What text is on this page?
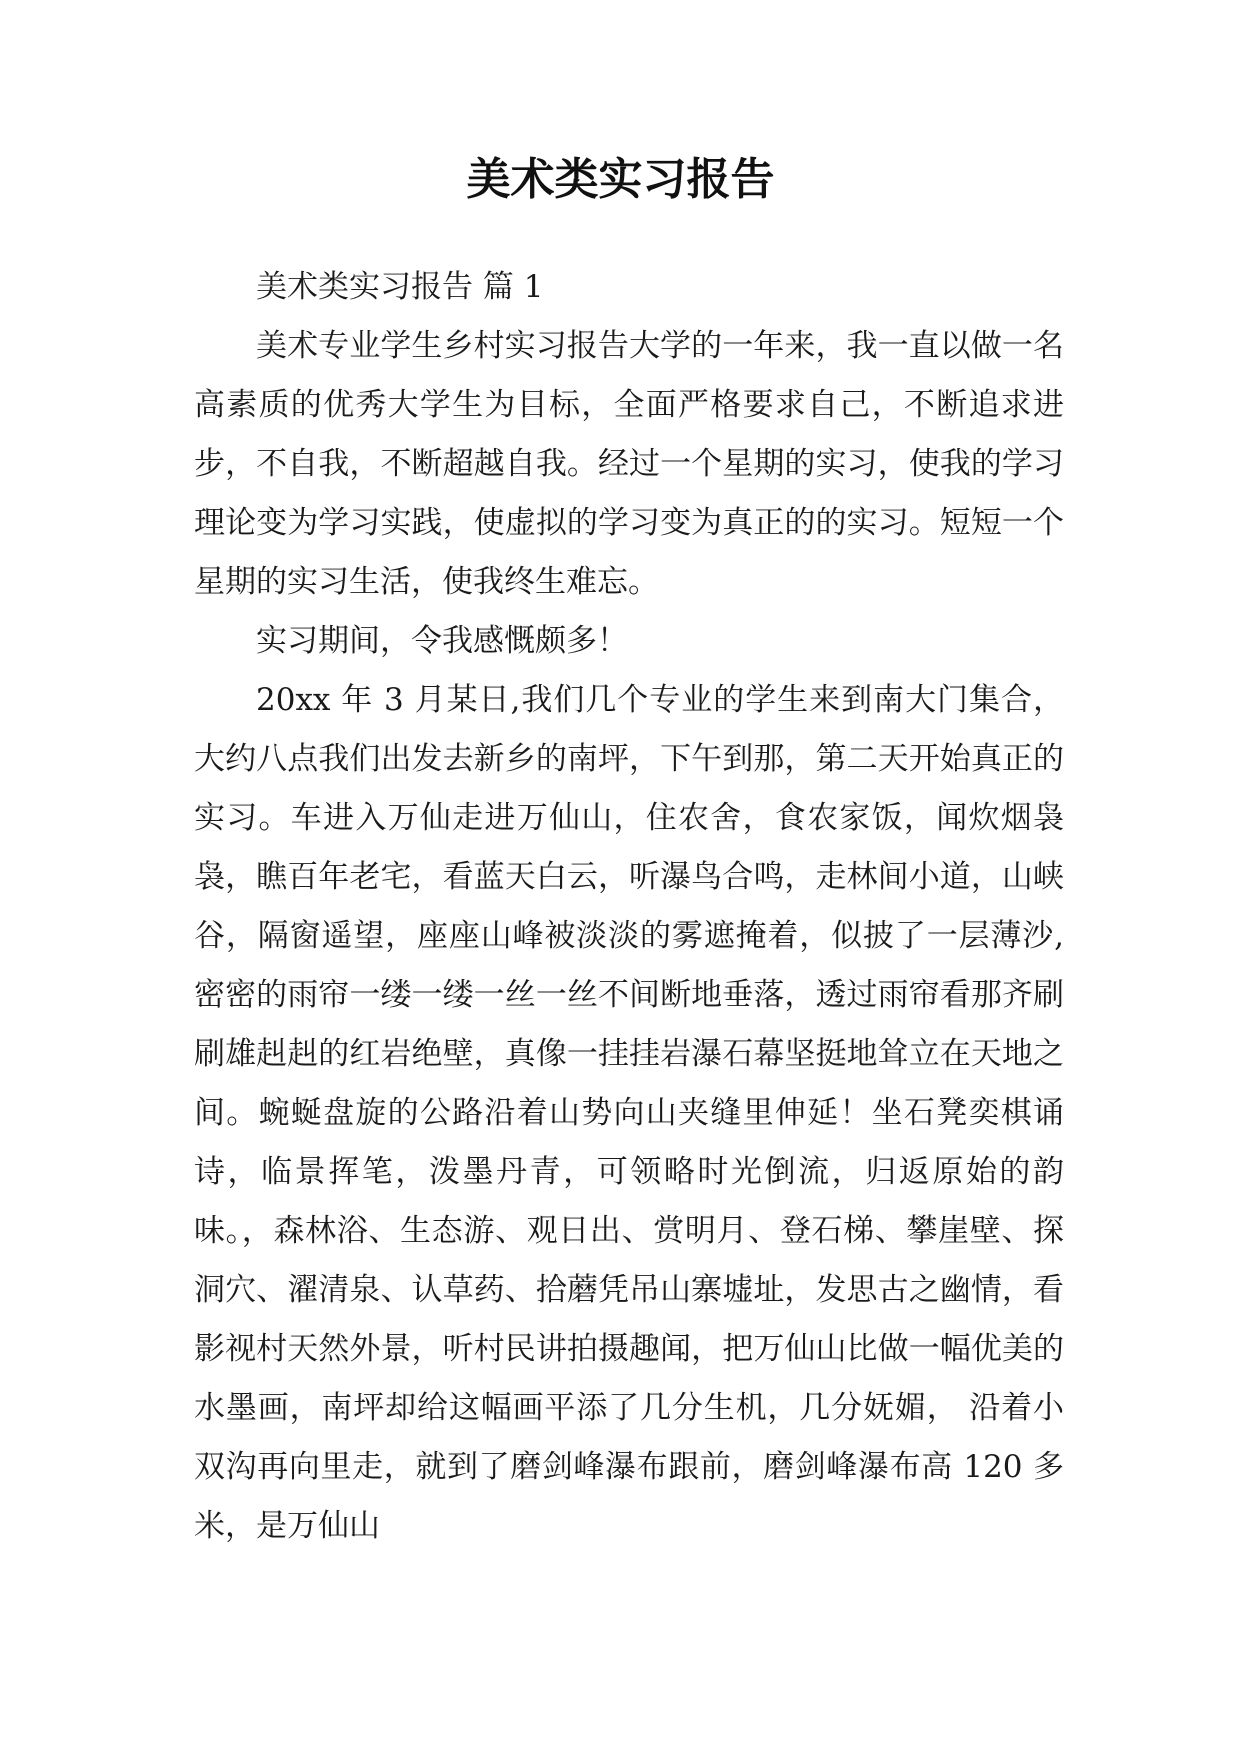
美术类实习报告

美术类实习报告 篇 1

美术专业学生乡村实习报告大学的一年来，我一直以做一名高素质的优秀大学生为目标，全面严格要求自己，不断追求进步，不自我，不断超越自我。经过一个星期的实习，使我的学习理论变为学习实践，使虚拟的学习变为真正的的实习。短短一个星期的实习生活，使我终生难忘。

实习期间，令我感慨颇多！

20xx 年 3 月某日,我们几个专业的学生来到南大门集合，大约八点我们出发去新乡的南坪，下午到那，第二天开始真正的实习。车进入万仙走进万仙山，住农舍，食农家饭，闻炊烟袅袅，瞧百年老宅，看蓝天白云，听瀑鸟合鸣，走林间小道，山峡谷，隔窗遥望，座座山峰被淡淡的雾遮掩着，似披了一层薄沙,密密的雨帘一缕一缕一丝一丝不间断地垂落，透过雨帘看那齐刷刷雄赳赳的红岩绝壁，真像一挂挂岩瀑石幕坚挺地耸立在天地之间。蜿蜒盘旋的公路沿着山势向山夹缝里伸延！坐石凳奕棋诵诗，临景挥笔，泼墨丹青，可领略时光倒流，归返原始的韵味。，森林浴、生态游、观日出、赏明月、登石梯、攀崖壁、探洞穴、濯清泉、认草药、拾蘑凭吊山寨墟址，发思古之幽情，看影视村天然外景，听村民讲拍摄趣闻，把万仙山比做一幅优美的水墨画，南坪却给这幅画平添了几分生机，几分妩媚， 沿着小双沟再向里走，就到了磨剑峰瀑布跟前，磨剑峰瀑布高 120 多米，是万仙山
